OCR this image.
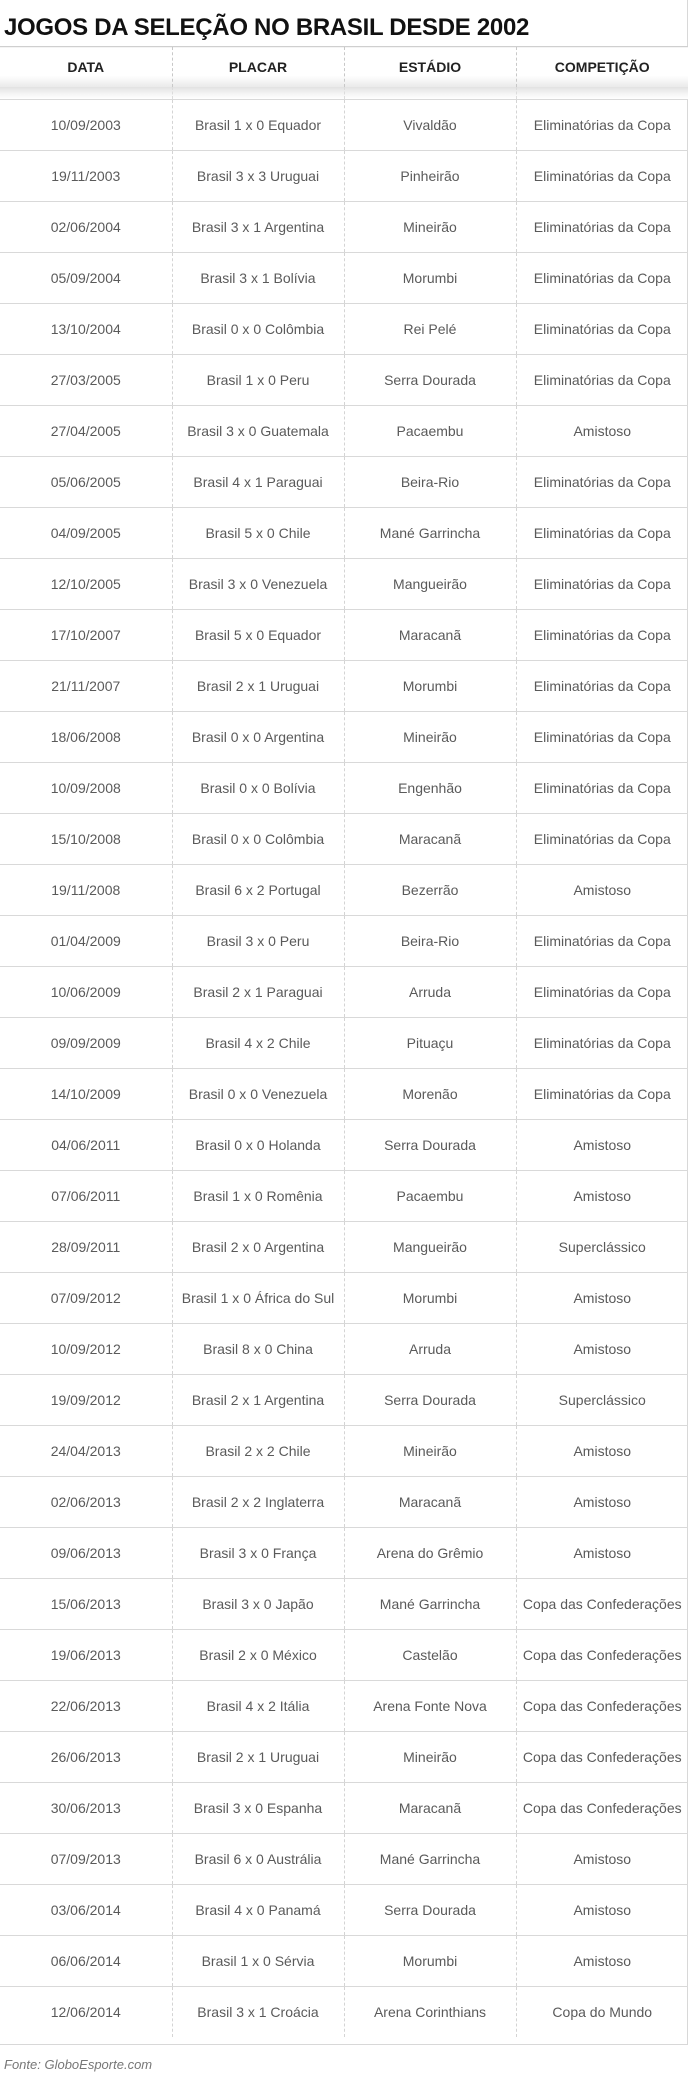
JOGOS DA SELEÇÃO NO BRASIL DESDE 2002
DATA	PLACAR	ESTÁDIO	COMPETIÇÃO

10/09/2003	Brasil 1 x 0 Equador	Vivaldão	Eliminatórias da Copa
19/11/2003	Brasil 3 x 3 Uruguai	Pinheirão	Eliminatórias da Copa
02/06/2004	Brasil 3 x 1 Argentina	Mineirão	Eliminatórias da Copa
05/09/2004	Brasil 3 x 1 Bolívia	Morumbi	Eliminatórias da Copa
13/10/2004	Brasil 0 x 0 Colômbia	Rei Pelé	Eliminatórias da Copa
27/03/2005	Brasil 1 x 0 Peru	Serra Dourada	Eliminatórias da Copa
27/04/2005	Brasil 3 x 0 Guatemala	Pacaembu	Amistoso
05/06/2005	Brasil 4 x 1 Paraguai	Beira-Rio	Eliminatórias da Copa
04/09/2005	Brasil 5 x 0 Chile	Mané Garrincha	Eliminatórias da Copa
12/10/2005	Brasil 3 x 0 Venezuela	Mangueirão	Eliminatórias da Copa
17/10/2007	Brasil 5 x 0 Equador	Maracanã	Eliminatórias da Copa
21/11/2007	Brasil 2 x 1 Uruguai	Morumbi	Eliminatórias da Copa
18/06/2008	Brasil 0 x 0 Argentina	Mineirão	Eliminatórias da Copa
10/09/2008	Brasil 0 x 0 Bolívia	Engenhão	Eliminatórias da Copa
15/10/2008	Brasil 0 x 0 Colômbia	Maracanã	Eliminatórias da Copa
19/11/2008	Brasil 6 x 2 Portugal	Bezerrão	Amistoso
01/04/2009	Brasil 3 x 0 Peru	Beira-Rio	Eliminatórias da Copa
10/06/2009	Brasil 2 x 1 Paraguai	Arruda	Eliminatórias da Copa
09/09/2009	Brasil 4 x 2 Chile	Pituaçu	Eliminatórias da Copa
14/10/2009	Brasil 0 x 0 Venezuela	Morenão	Eliminatórias da Copa
04/06/2011	Brasil 0 x 0 Holanda	Serra Dourada	Amistoso
07/06/2011	Brasil 1 x 0 Romênia	Pacaembu	Amistoso
28/09/2011	Brasil 2 x 0 Argentina	Mangueirão	Superclássico
07/09/2012	Brasil 1 x 0 África do Sul	Morumbi	Amistoso
10/09/2012	Brasil 8 x 0 China	Arruda	Amistoso
19/09/2012	Brasil 2 x 1 Argentina	Serra Dourada	Superclássico
24/04/2013	Brasil 2 x 2 Chile	Mineirão	Amistoso
02/06/2013	Brasil 2 x 2 Inglaterra	Maracanã	Amistoso
09/06/2013	Brasil 3 x 0 França	Arena do Grêmio	Amistoso
15/06/2013	Brasil 3 x 0 Japão	Mané Garrincha	Copa das Confederações
19/06/2013	Brasil 2 x 0 México	Castelão	Copa das Confederações
22/06/2013	Brasil 4 x 2 Itália	Arena Fonte Nova	Copa das Confederações
26/06/2013	Brasil 2 x 1 Uruguai	Mineirão	Copa das Confederações
30/06/2013	Brasil 3 x 0 Espanha	Maracanã	Copa das Confederações
07/09/2013	Brasil 6 x 0 Austrália	Mané Garrincha	Amistoso
03/06/2014	Brasil 4 x 0 Panamá	Serra Dourada	Amistoso
06/06/2014	Brasil 1 x 0 Sérvia	Morumbi	Amistoso
12/06/2014	Brasil 3 x 1 Croácia	Arena Corinthians	Copa do Mundo
Fonte: GloboEsporte.com
